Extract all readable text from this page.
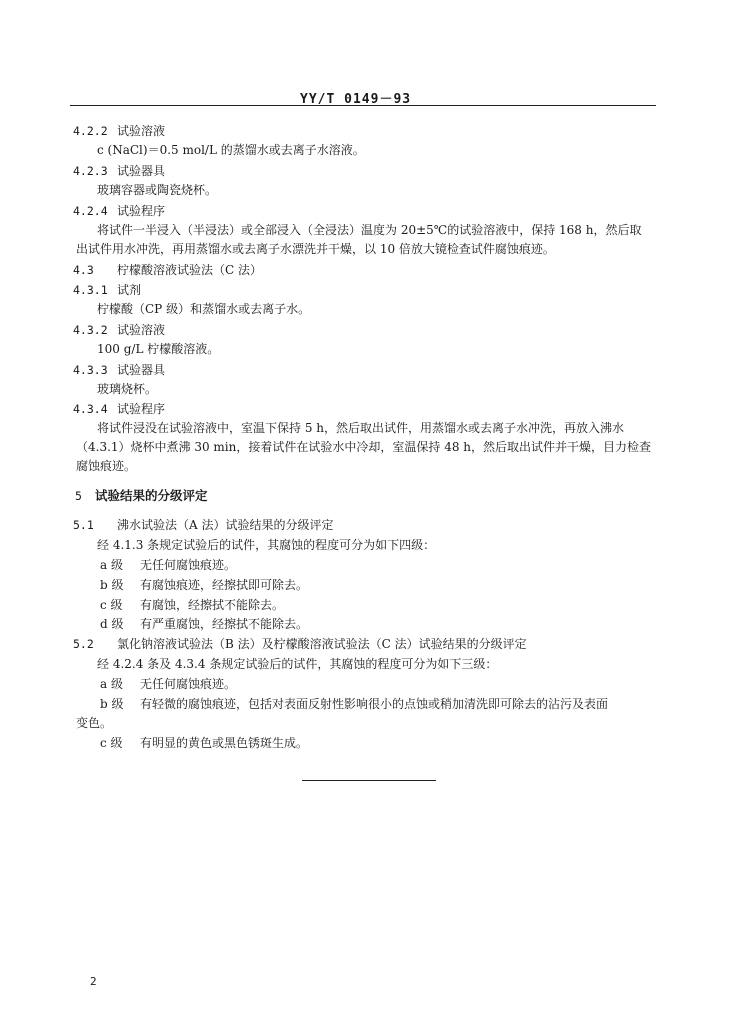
YY/T 0149－93
4.2.2 试验溶液
c (NaCl)＝0.5 mol/L 的蒸馏水或去离子水溶液。
4.2.3 试验器具
玻璃容器或陶瓷烧杯。
4.2.4 试验程序
将试件一半浸入（半浸法）或全部浸入（全浸法）温度为 20±5℃的试验溶液中，保持 168 h，然后取
出试件用水冲洗，再用蒸馏水或去离子水漂洗并干燥，以 10 倍放大镜检查试件腐蚀痕迹。
4.3 柠檬酸溶液试验法（C 法）
4.3.1 试剂
柠檬酸（CP 级）和蒸馏水或去离子水。
4.3.2 试验溶液
100 g/L 柠檬酸溶液。
4.3.3 试验器具
玻璃烧杯。
4.3.4 试验程序
将试件浸没在试验溶液中，室温下保持 5 h，然后取出试件，用蒸馏水或去离子水冲洗，再放入沸水
（4.3.1）烧杯中煮沸 30 min，接着试件在试验水中冷却，室温保持 48 h，然后取出试件并干燥，目力检查
腐蚀痕迹。
5 试验结果的分级评定
5.1 沸水试验法（A 法）试验结果的分级评定
经 4.1.3 条规定试验后的试件，其腐蚀的程度可分为如下四级：
a 级 无任何腐蚀痕迹。
b 级 有腐蚀痕迹，经擦拭即可除去。
c 级 有腐蚀，经擦拭不能除去。
d 级 有严重腐蚀，经擦拭不能除去。
5.2 氯化钠溶液试验法（B 法）及柠檬酸溶液试验法（C 法）试验结果的分级评定
经 4.2.4 条及 4.3.4 条规定试验后的试件，其腐蚀的程度可分为如下三级：
a 级 无任何腐蚀痕迹。
b 级 有轻微的腐蚀痕迹，包括对表面反射性影响很小的点蚀或稍加清洗即可除去的沾污及表面
变色。
c 级 有明显的黄色或黑色锈斑生成。
2
